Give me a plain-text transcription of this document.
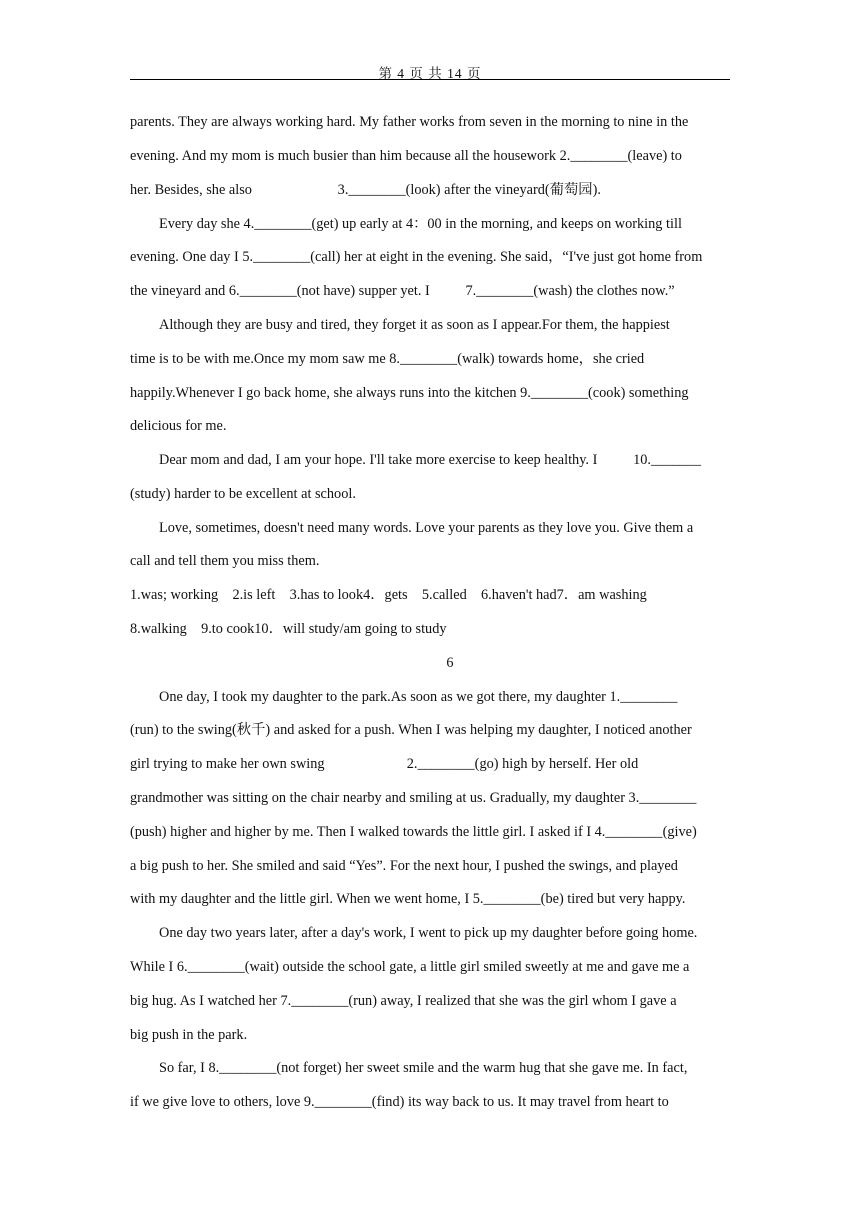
第 4 页 共 14 页
parents. They are always working hard. My father works from seven in the morning to nine in the
evening. And my mom is much busier than him because all the housework 2.________(leave) to
her. Besides, she also                        3.________(look) after the vineyard(葡萄园).
Every day she 4.________(get) up early at 4：00 in the morning, and keeps on working till
evening. One day I 5.________(call) her at eight in the evening. She said，“I've just got home from
the vineyard and 6.________(not have) supper yet. I          7.________(wash) the clothes now.”
Although they are busy and tired, they forget it as soon as I appear.For them, the happiest
time is to be with me.Once my mom saw me 8.________(walk) towards home，she cried
happily.Whenever I go back home, she always runs into the kitchen 9.________(cook) something
delicious for me.
Dear mom and dad, I am your hope. I'll take more exercise to keep healthy. I          10._______
(study) harder to be excellent at school.
Love, sometimes, doesn't need many words. Love your parents as they love you. Give them a
call and tell them you miss them.
1.was; working    2.is left    3.has to look4．gets    5.called    6.haven't had7．am washing
8.walking    9.to cook10．will study/am going to study
6
One day, I took my daughter to the park.As soon as we got there, my daughter 1.________
(run) to the swing(秋千) and asked for a push. When I was helping my daughter, I noticed another
girl trying to make her own swing                       2.________(go) high by herself. Her old
grandmother was sitting on the chair nearby and smiling at us. Gradually, my daughter 3.________
(push) higher and higher by me. Then I walked towards the little girl. I asked if I 4.________(give)
a big push to her. She smiled and said “Yes”. For the next hour, I pushed the swings, and played
with my daughter and the little girl. When we went home, I 5.________(be) tired but very happy.
One day two years later, after a day's work, I went to pick up my daughter before going home.
While I 6.________(wait) outside the school gate, a little girl smiled sweetly at me and gave me a
big hug. As I watched her 7.________(run) away, I realized that she was the girl whom I gave a
big push in the park.
So far, I 8.________(not forget) her sweet smile and the warm hug that she gave me. In fact,
if we give love to others, love 9.________(find) its way back to us. It may travel from heart to
